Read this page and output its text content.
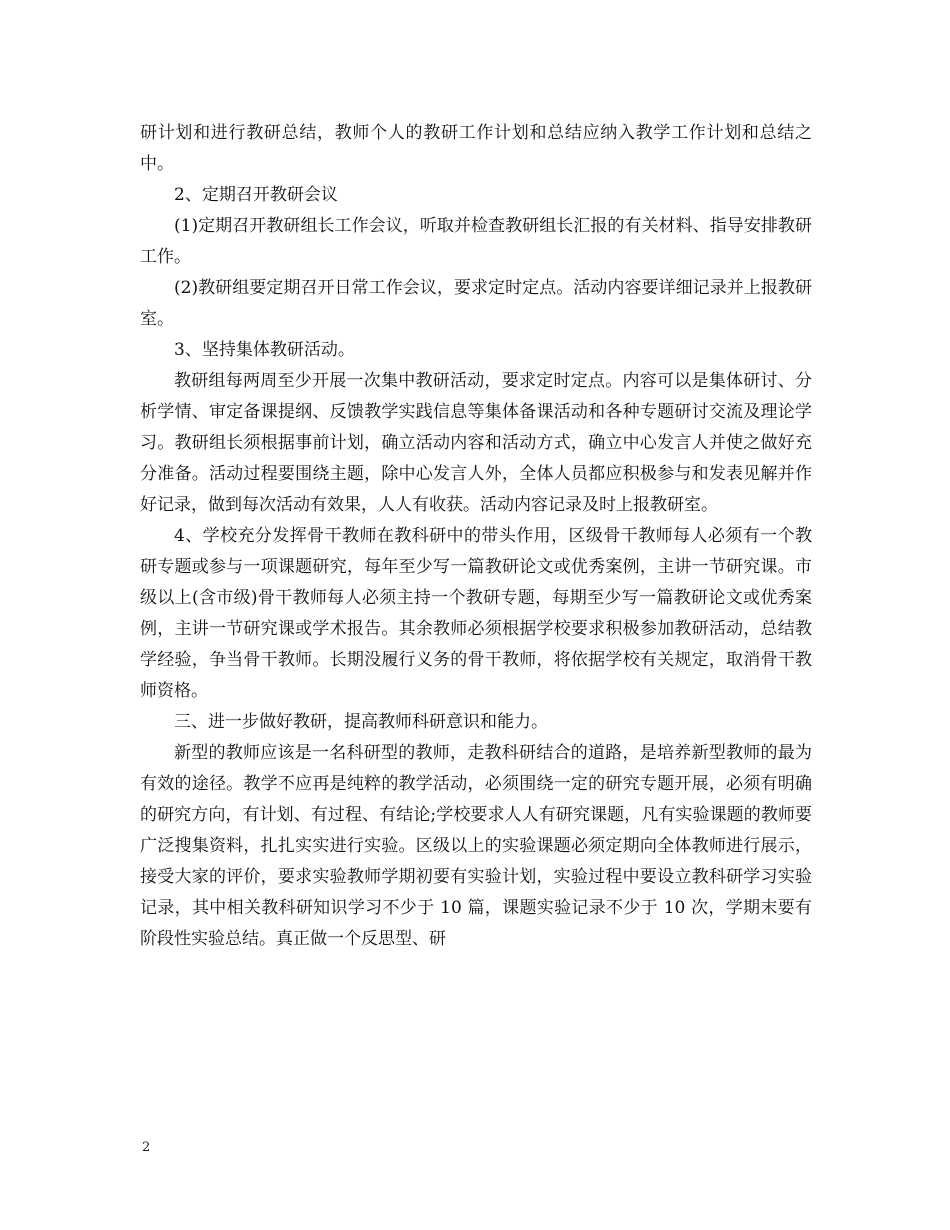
研计划和进行教研总结，教师个人的教研工作计划和总结应纳入教学工作计划和总结之中。

2、定期召开教研会议

(1)定期召开教研组长工作会议，听取并检查教研组长汇报的有关材料、指导安排教研工作。

(2)教研组要定期召开日常工作会议，要求定时定点。活动内容要详细记录并上报教研室。

3、坚持集体教研活动。

教研组每两周至少开展一次集中教研活动，要求定时定点。内容可以是集体研讨、分析学情、审定备课提纲、反馈教学实践信息等集体备课活动和各种专题研讨交流及理论学习。教研组长须根据事前计划，确立活动内容和活动方式，确立中心发言人并使之做好充分准备。活动过程要围绕主题，除中心发言人外，全体人员都应积极参与和发表见解并作好记录，做到每次活动有效果，人人有收获。活动内容记录及时上报教研室。

4、学校充分发挥骨干教师在教科研中的带头作用，区级骨干教师每人必须有一个教研专题或参与一项课题研究，每年至少写一篇教研论文或优秀案例，主讲一节研究课。市级以上(含市级)骨干教师每人必须主持一个教研专题，每期至少写一篇教研论文或优秀案例，主讲一节研究课或学术报告。其余教师必须根据学校要求积极参加教研活动，总结教学经验，争当骨干教师。长期没履行义务的骨干教师，将依据学校有关规定，取消骨干教师资格。

三、进一步做好教研，提高教师科研意识和能力。

新型的教师应该是一名科研型的教师，走教科研结合的道路，是培养新型教师的最为有效的途径。教学不应再是纯粹的教学活动，必须围绕一定的研究专题开展，必须有明确的研究方向，有计划、有过程、有结论;学校要求人人有研究课题，凡有实验课题的教师要广泛搜集资料，扎扎实实进行实验。区级以上的实验课题必须定期向全体教师进行展示，接受大家的评价，要求实验教师学期初要有实验计划，实验过程中要设立教科研学习实验记录，其中相关教科研知识学习不少于 10 篇，课题实验记录不少于 10 次，学期末要有阶段性实验总结。真正做一个反思型、研

2
